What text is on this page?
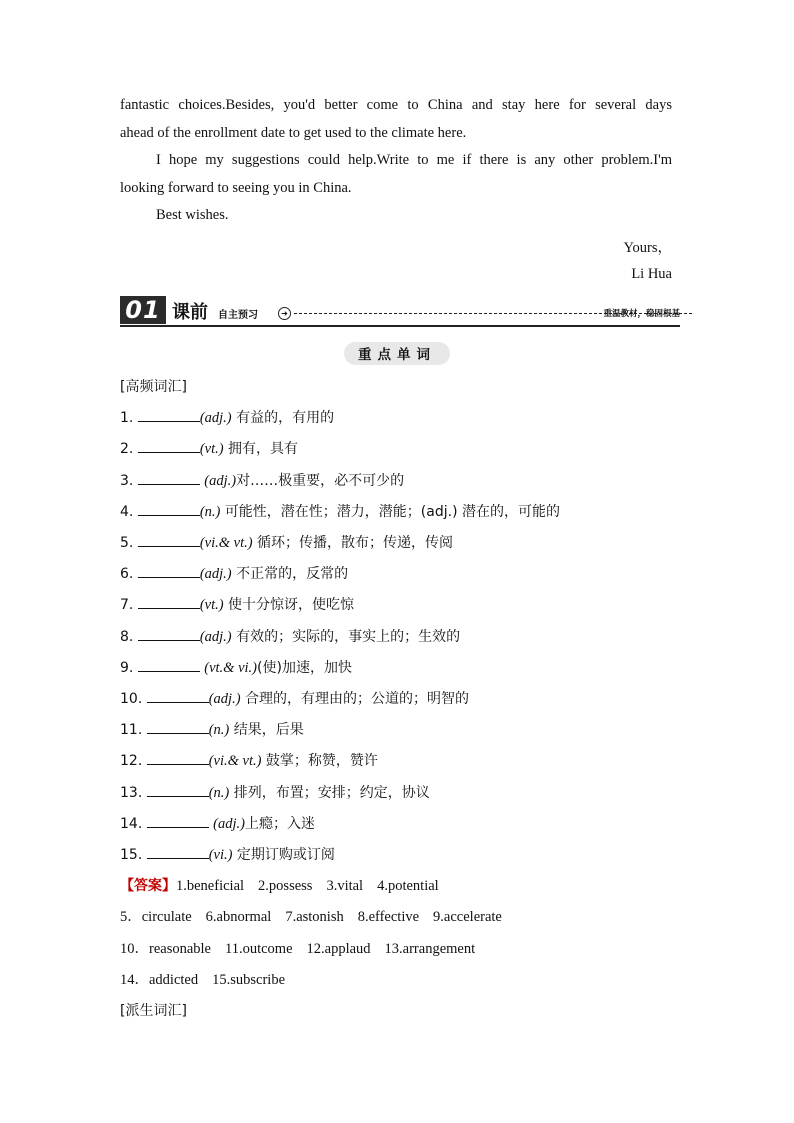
fantastic choices.Besides, you'd better come to China and stay here for several days

ahead of the enrollment date to get used to the climate here.

I hope my suggestions could help.Write to me if there is any other problem.I'm

looking forward to seeing you in China.

Best wishes.

Yours，
Li Hua
01 课前 自主预习	➜	重温教材，稳固根基
重点单词
[高频词汇]
1.	(adj.) 有益的，有用的
2.	(vt.) 拥有，具有
3.	(adj.)对……极重要，必不可少的
4.	(n.) 可能性，潜在性；潜力，潜能；(adj.) 潜在的，可能的
5.	(vi.& vt.) 循环；传播，散布；传递，传阅
6.	(adj.) 不正常的，反常的
7.	(vt.) 使十分惊讶，使吃惊
8.	(adj.) 有效的；实际的，事实上的；生效的
9.	(vt.& vi.)(使)加速，加快
10.	(adj.) 合理的，有理由的；公道的；明智的
11.	(n.) 结果，后果
12.	(vi.& vt.) 鼓掌；称赞，赞许
13.	(n.) 排列，布置；安排；约定，协议
14.	(adj.)上瘾；入迷
15.	(vi.) 定期订购或订阅
【答案】1.beneficial 2.possess 3.vital 4.potential
5．circulate 6.abnormal 7.astonish 8.effective 9.accelerate
10．reasonable 11.outcome 12.applaud 13.arrangement
14．addicted 15.subscribe
[派生词汇]
